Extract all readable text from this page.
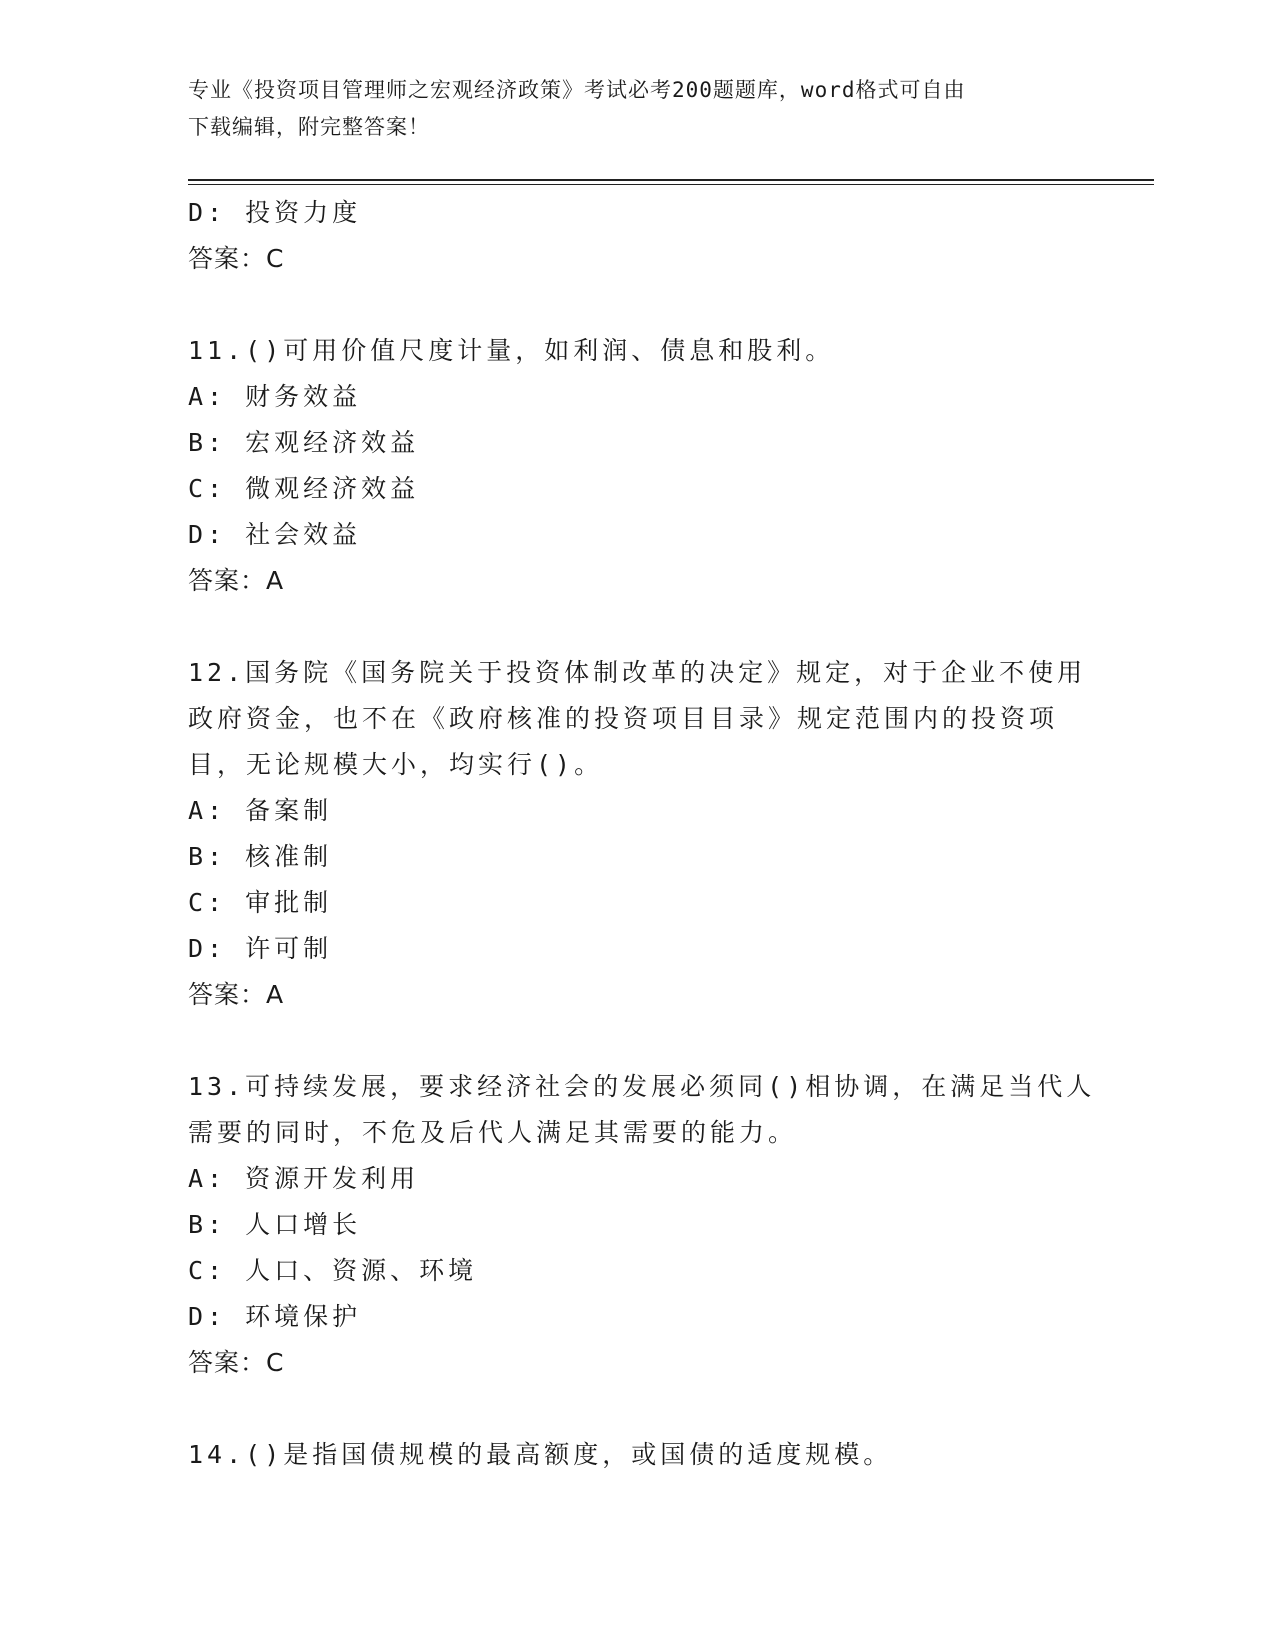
专业《投资项目管理师之宏观经济政策》考试必考200题题库，word格式可自由
下载编辑，附完整答案！
D: 投资力度
答案：C
11.()可用价值尺度计量，如利润、债息和股利。
A: 财务效益
B: 宏观经济效益
C: 微观经济效益
D: 社会效益
答案：A
12.国务院《国务院关于投资体制改革的决定》规定，对于企业不使用
政府资金，也不在《政府核准的投资项目目录》规定范围内的投资项
目，无论规模大小，均实行()。
A: 备案制
B: 核准制
C: 审批制
D: 许可制
答案：A
13.可持续发展，要求经济社会的发展必须同()相协调，在满足当代人
需要的同时，不危及后代人满足其需要的能力。
A: 资源开发利用
B: 人口增长
C: 人口、资源、环境
D: 环境保护
答案：C
14.()是指国债规模的最高额度，或国债的适度规模。
